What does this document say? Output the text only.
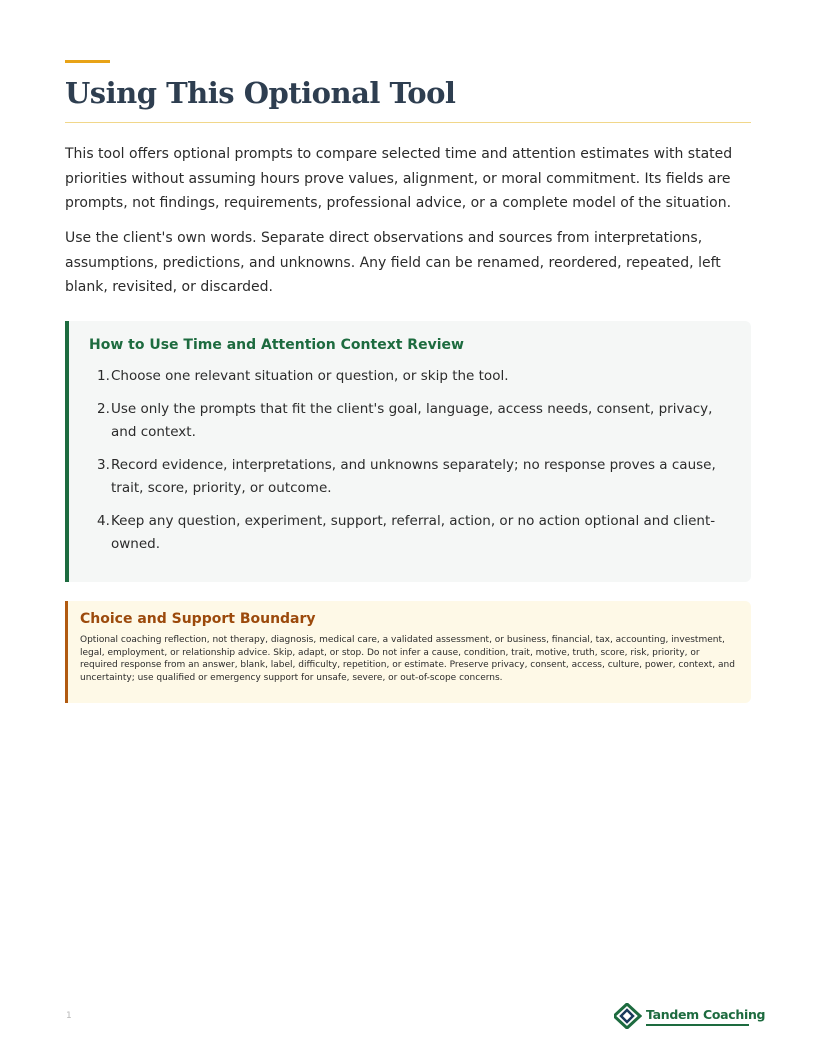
Using This Optional Tool

This tool offers optional prompts to compare selected time and attention estimates with stated priorities without assuming hours prove values, alignment, or moral commitment. Its fields are prompts, not findings, requirements, professional advice, or a complete model of the situation.

Use the client's own words. Separate direct observations and sources from interpretations, assumptions, predictions, and unknowns. Any field can be renamed, reordered, repeated, left blank, revisited, or discarded.

How to Use Time and Attention Context Review
1. Choose one relevant situation or question, or skip the tool.
2. Use only the prompts that fit the client's goal, language, access needs, consent, privacy, and context.
3. Record evidence, interpretations, and unknowns separately; no response proves a cause, trait, score, priority, or outcome.
4. Keep any question, experiment, support, referral, action, or no action optional and client-owned.
Choice and Support Boundary

Optional coaching reflection, not therapy, diagnosis, medical care, a validated assessment, or business, financial, tax, accounting, investment, legal, employment, or relationship advice. Skip, adapt, or stop. Do not infer a cause, condition, trait, motive, truth, score, risk, priority, or required response from an answer, blank, label, difficulty, repetition, or estimate. Preserve privacy, consent, access, culture, power, context, and uncertainty; use qualified or emergency support for unsafe, severe, or out-of-scope concerns.

1	Tandem Coaching
